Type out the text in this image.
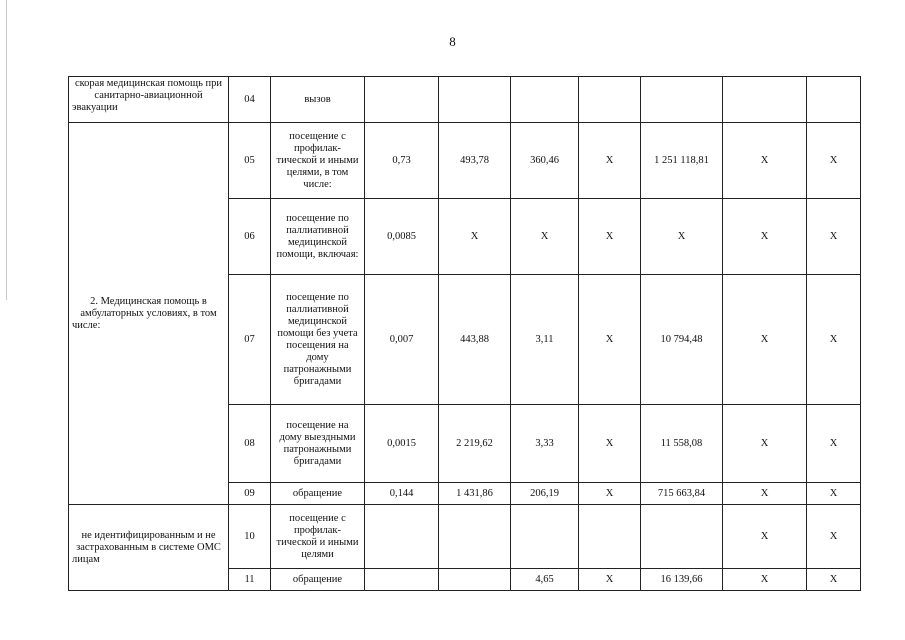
8
скорая медицинская помощь при санитарно-авиационной эвакуации	04	вызов							
2. Медицинская помощь в амбулаторных условиях, в том числе:	05	посещение с профилак-тической и иными целями, в том числе:	0,73	493,78	360,46	Х	1 251 118,81	Х	Х
	06	посещение по паллиативной медицинской помощи, включая:	0,0085	Х	Х	Х	Х	Х	Х
	07	посещение по паллиативной медицинской помощи без учета посещения на дому патронажными бригадами	0,007	443,88	3,11	Х	10 794,48	Х	Х
	08	посещение на дому выездными патронажными бригадами	0,0015	2 219,62	3,33	Х	11 558,08	Х	Х
	09	обращение	0,144	1 431,86	206,19	Х	715 663,84	Х	Х
не идентифицированным и не застрахованным в системе ОМС лицам	10	посещение с профилак-тической и иными целями						Х	Х
	11	обращение			4,65	Х	16 139,66	Х	Х
